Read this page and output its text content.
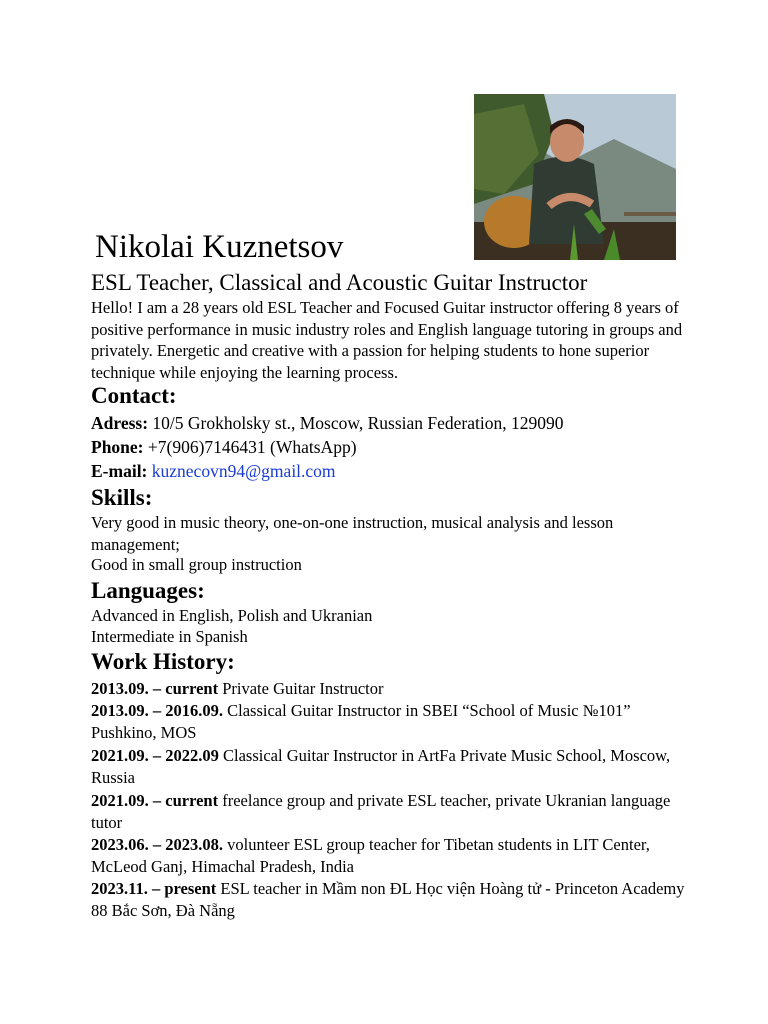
Nikolai Kuznetsov

ESL Teacher, Classical and Acoustic Guitar Instructor

Hello! I am a 28 years old ESL Teacher and Focused Guitar instructor offering 8 years of positive performance in music industry roles and English language tutoring in groups and privately. Energetic and creative with a passion for helping students to hone superior technique while enjoying the learning process.

Contact:

Adress: 10/5 Grokholsky st., Moscow, Russian Federation, 129090

Phone: +7(906)7146431 (WhatsApp)

E-mail: kuznecovn94@gmail.com

Skills:

Very good in music theory, one-on-one instruction, musical analysis and lesson management;

Good in small group instruction

Languages:

Advanced in English, Polish and Ukranian

Intermediate in Spanish

Work History:

2013.09. – current Private Guitar Instructor

2013.09. – 2016.09. Classical Guitar Instructor in SBEI “School of Music №101” Pushkino, MOS

2021.09. – 2022.09 Classical Guitar Instructor in ArtFa Private Music School, Moscow, Russia

2021.09. – current freelance group and private ESL teacher, private Ukranian language tutor

2023.06. – 2023.08. volunteer ESL group teacher for Tibetan students in LIT Center, McLeod Ganj, Himachal Pradesh, India

2023.11. – present ESL teacher in Mầm non ĐL Học viện Hoàng tử - Princeton Academy 88 Bắc Sơn, Đà Nẵng
